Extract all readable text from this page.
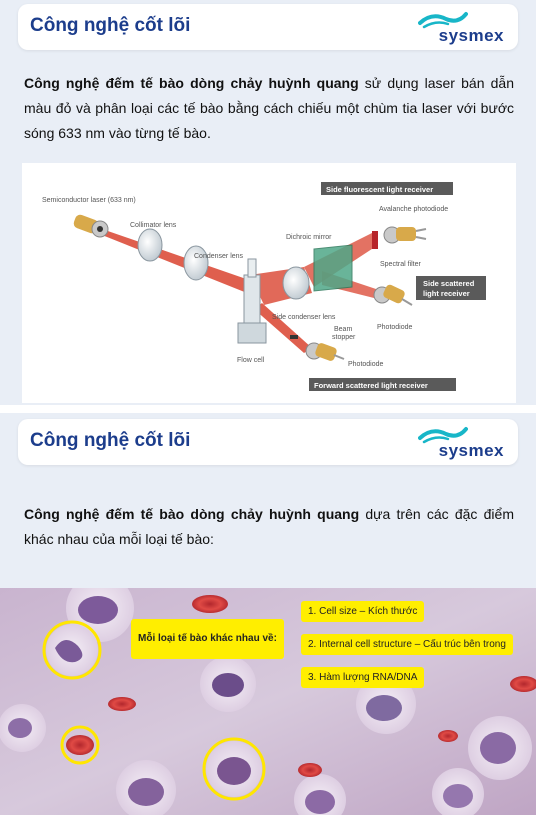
Công nghệ cốt lõi	sysmex
Công nghệ đếm tế bào dòng chảy huỳnh quang sử dụng laser bán dẫn màu đỏ và phân loại các tế bào bằng cách chiếu một chùm tia laser với bước sóng 633 nm vào từng tế bào.
Semiconductor laser (633 nm)
Collimator lens
Condenser lens
Flow cell
Side condenser lens
Dichroic mirror
Spectral filter
Avalanche photodiode
Photodiode
Beam
stopper
Photodiode
Side fluorescent light receiver
Side scattered
light receiver
Forward scattered light receiver
Công nghệ cốt lõi	sysmex
Công nghệ đếm tế bào dòng chảy huỳnh quang dựa trên các đặc điểm khác nhau của mỗi loại tế bào:
Mỗi loại tế bào khác nhau về:
1. Cell size – Kích thước
2. Internal cell structure – Cấu trúc bên trong
3. Hàm lượng RNA/DNA
